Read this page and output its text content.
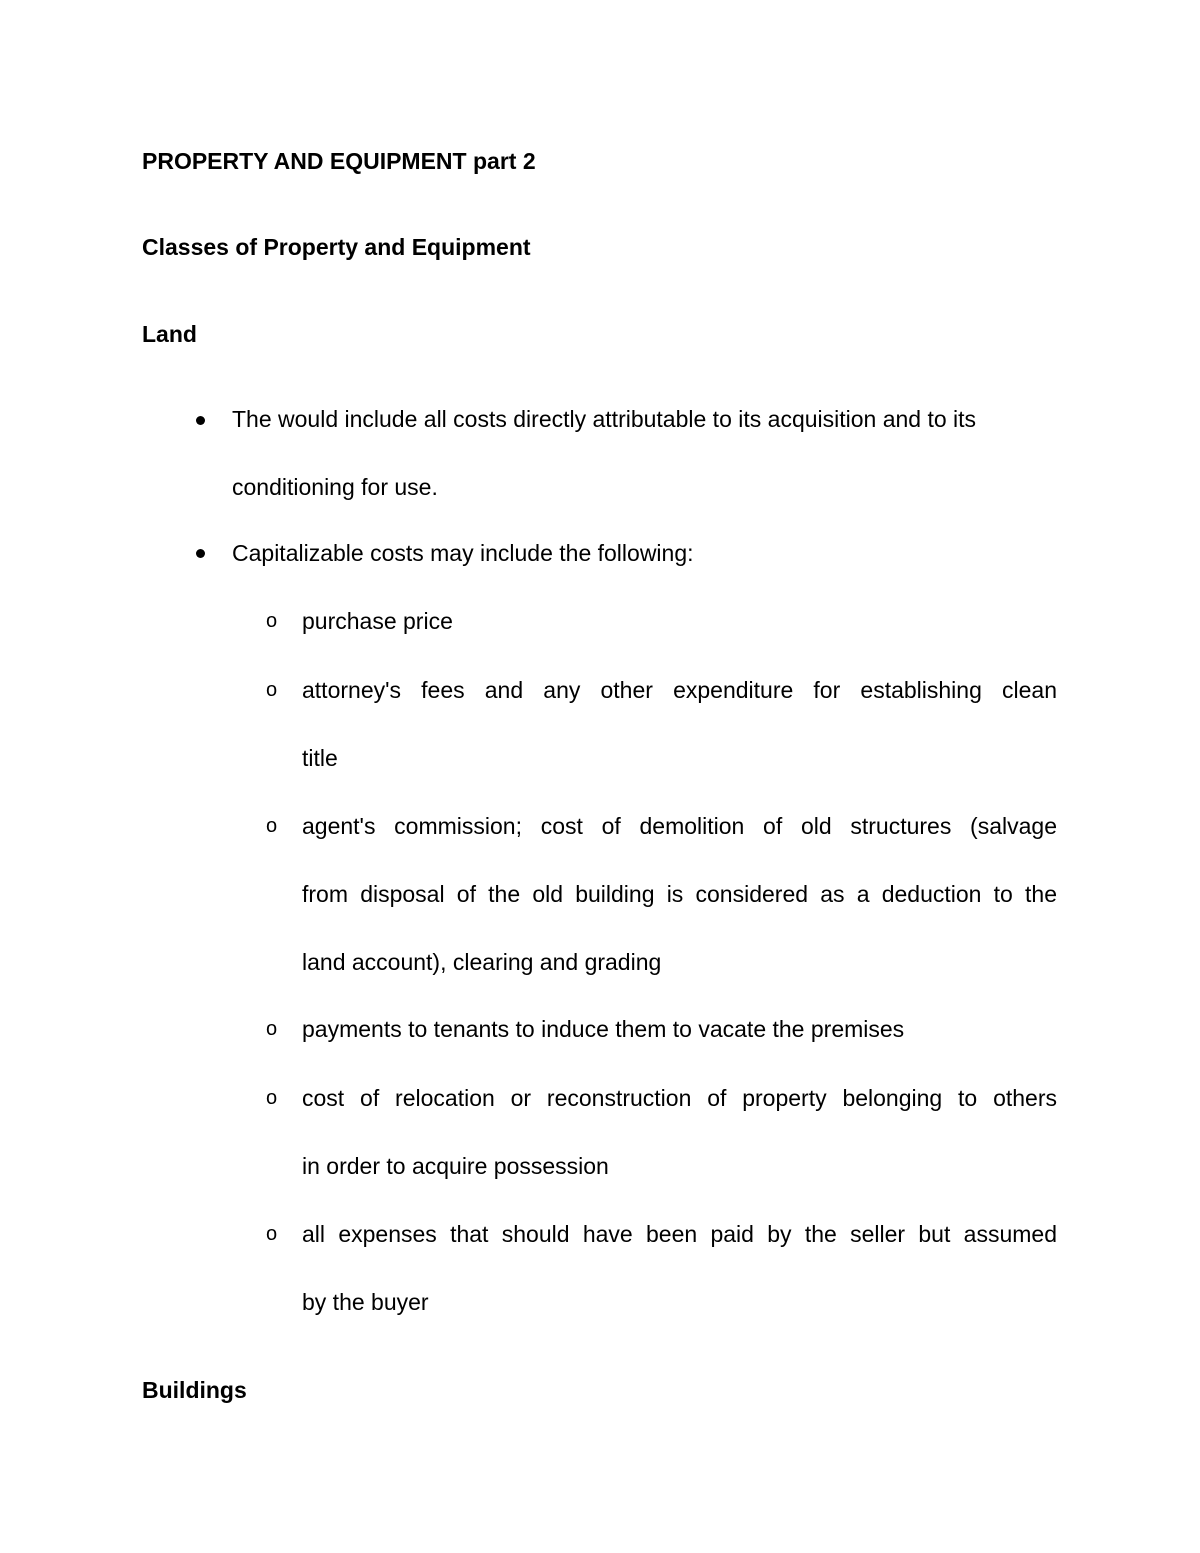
PROPERTY AND EQUIPMENT part 2
Classes of Property and Equipment
Land
The would include all costs directly attributable to its acquisition and to its
conditioning for use.
Capitalizable costs may include the following:
o purchase price
o attorney's fees and any other expenditure for establishing clean
title
o agent's commission; cost of demolition of old structures (salvage
from disposal of the old building is considered as a deduction to the
land account), clearing and grading
o payments to tenants to induce them to vacate the premises
o cost of relocation or reconstruction of property belonging to others
in order to acquire possession
o all expenses that should have been paid by the seller but assumed
by the buyer
Buildings
